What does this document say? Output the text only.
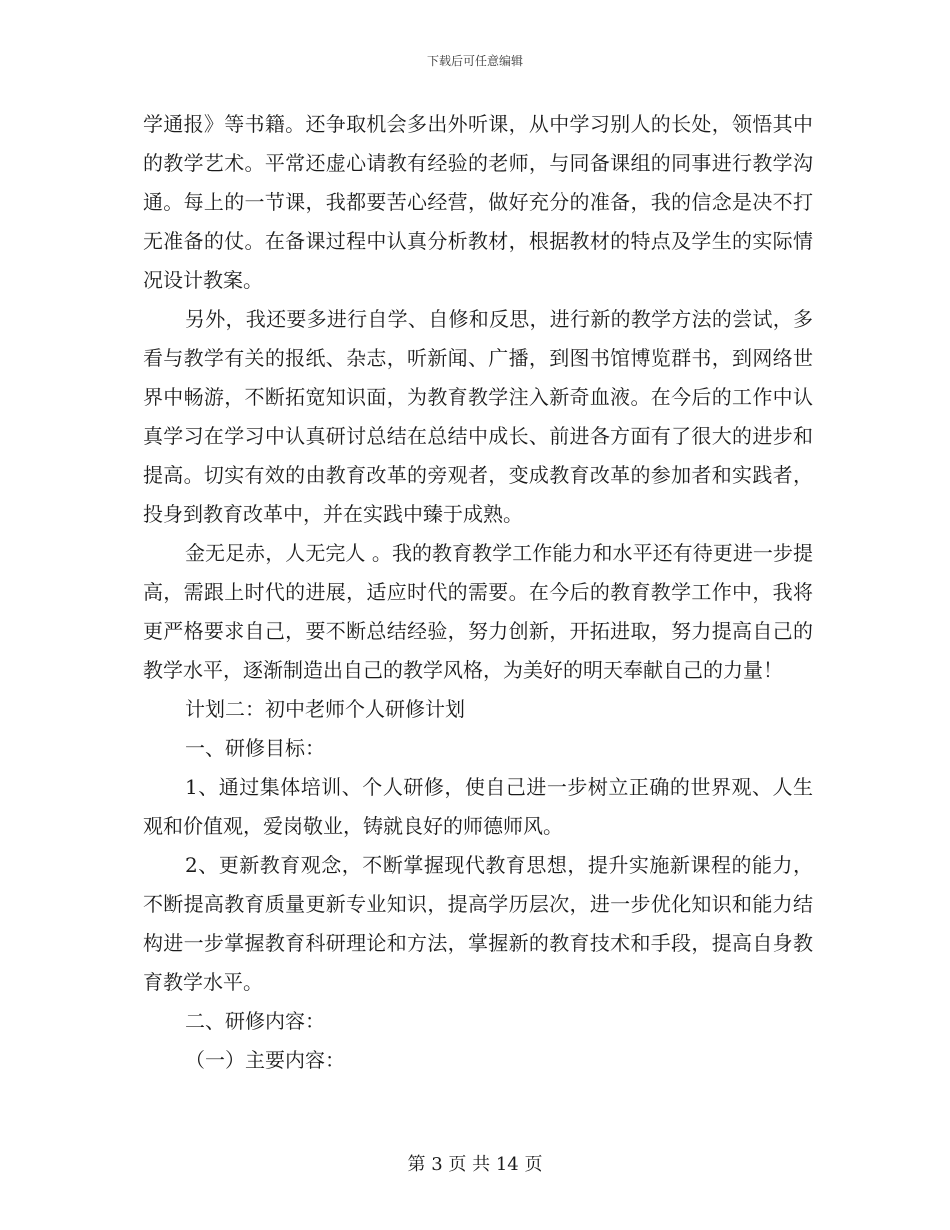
下载后可任意编辑

学通报》等书籍。还争取机会多出外听课，从中学习别人的长处，领悟其中的教学艺术。平常还虚心请教有经验的老师，与同备课组的同事进行教学沟通。每上的一节课，我都要苦心经营，做好充分的准备，我的信念是决不打无准备的仗。在备课过程中认真分析教材，根据教材的特点及学生的实际情况设计教案。

另外，我还要多进行自学、自修和反思，进行新的教学方法的尝试，多看与教学有关的报纸、杂志，听新闻、广播，到图书馆博览群书，到网络世界中畅游，不断拓宽知识面，为教育教学注入新奇血液。在今后的工作中认真学习在学习中认真研讨总结在总结中成长、前进各方面有了很大的进步和提高。切实有效的由教育改革的旁观者，变成教育改革的参加者和实践者，投身到教育改革中，并在实践中臻于成熟。

金无足赤，人无完人 。我的教育教学工作能力和水平还有待更进一步提高，需跟上时代的进展，适应时代的需要。在今后的教育教学工作中，我将更严格要求自己，要不断总结经验，努力创新，开拓进取，努力提高自己的教学水平，逐渐制造出自己的教学风格，为美好的明天奉献自己的力量！

计划二：初中老师个人研修计划

一、研修目标：

1、通过集体培训、个人研修，使自己进一步树立正确的世界观、人生观和价值观，爱岗敬业，铸就良好的师德师风。

2、更新教育观念，不断掌握现代教育思想，提升实施新课程的能力，不断提高教育质量更新专业知识，提高学历层次，进一步优化知识和能力结构进一步掌握教育科研理论和方法，掌握新的教育技术和手段，提高自身教育教学水平。

二、研修内容：

（一）主要内容：

第 3 页 共 14 页
